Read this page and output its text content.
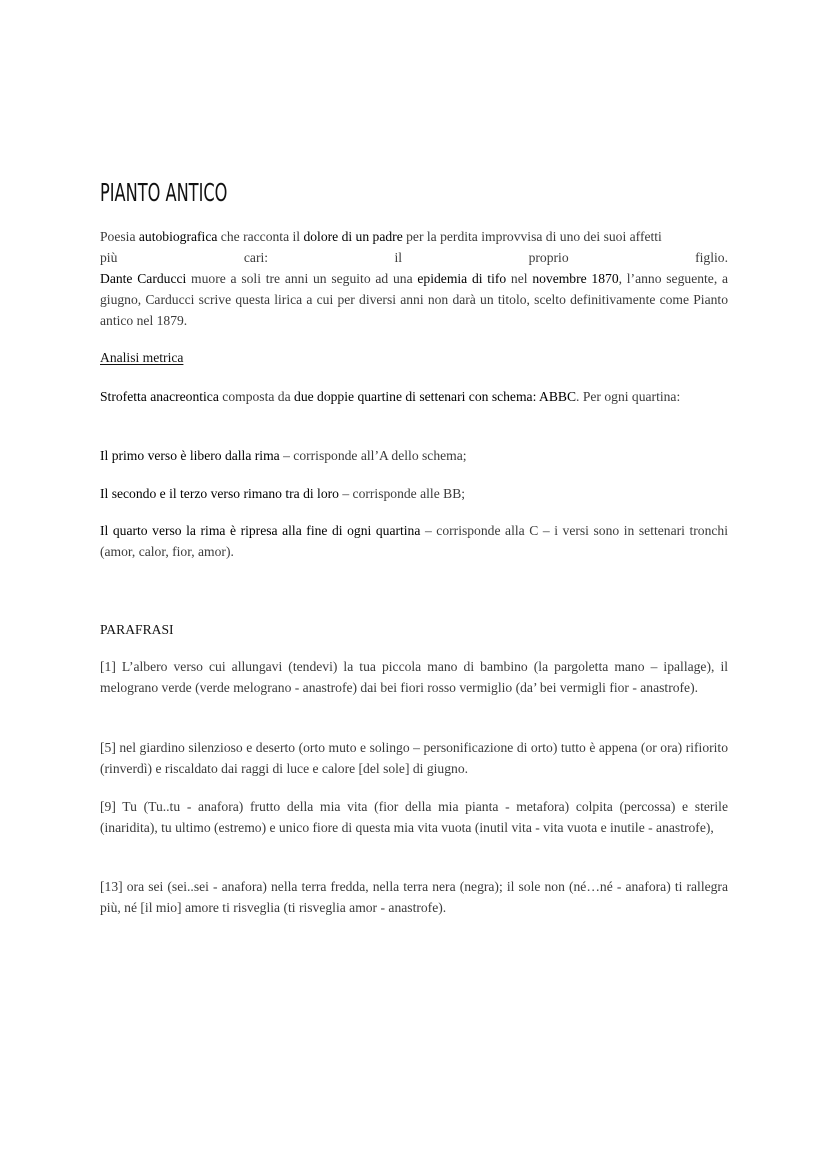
PIANTO ANTICO
Poesia autobiografica che racconta il dolore di un padre per la perdita improvvisa di uno dei suoi affetti
più	cari:	il	proprio	figlio.
Dante Carducci muore a soli tre anni un seguito ad una epidemia di tifo nel novembre 1870, l’anno seguente, a giugno, Carducci scrive questa lirica a cui per diversi anni non darà un titolo, scelto definitivamente come Pianto antico nel 1879.
Analisi metrica
Strofetta anacreontica composta da due doppie quartine di settenari con schema: ABBC. Per ogni quartina:
Il primo verso è libero dalla rima – corrisponde all’A dello schema;
Il secondo e il terzo verso rimano tra di loro – corrisponde alle BB;
Il quarto verso la rima è ripresa alla fine di ogni quartina – corrisponde alla C – i versi sono in settenari tronchi (amor, calor, fior, amor).
PARAFRASI
[1] L’albero verso cui allungavi (tendevi) la tua piccola mano di bambino (la pargoletta mano – ipallage), il melograno verde (verde melograno - anastrofe) dai bei fiori rosso vermiglio (da’ bei vermigli fior - anastrofe).
[5] nel giardino silenzioso e deserto (orto muto e solingo – personificazione di orto) tutto è appena (or ora) rifiorito (rinverdì) e riscaldato dai raggi di luce e calore [del sole] di giugno.
[9] Tu (Tu..tu - anafora) frutto della mia vita (fior della mia pianta - metafora) colpita (percossa) e sterile (inaridita), tu ultimo (estremo) e unico fiore di questa mia vita vuota (inutil vita - vita vuota e inutile - anastrofe),
[13] ora sei (sei..sei - anafora) nella terra fredda, nella terra nera (negra); il sole non (né…né - anafora) ti rallegra più, né [il mio] amore ti risveglia (ti risveglia amor - anastrofe).
